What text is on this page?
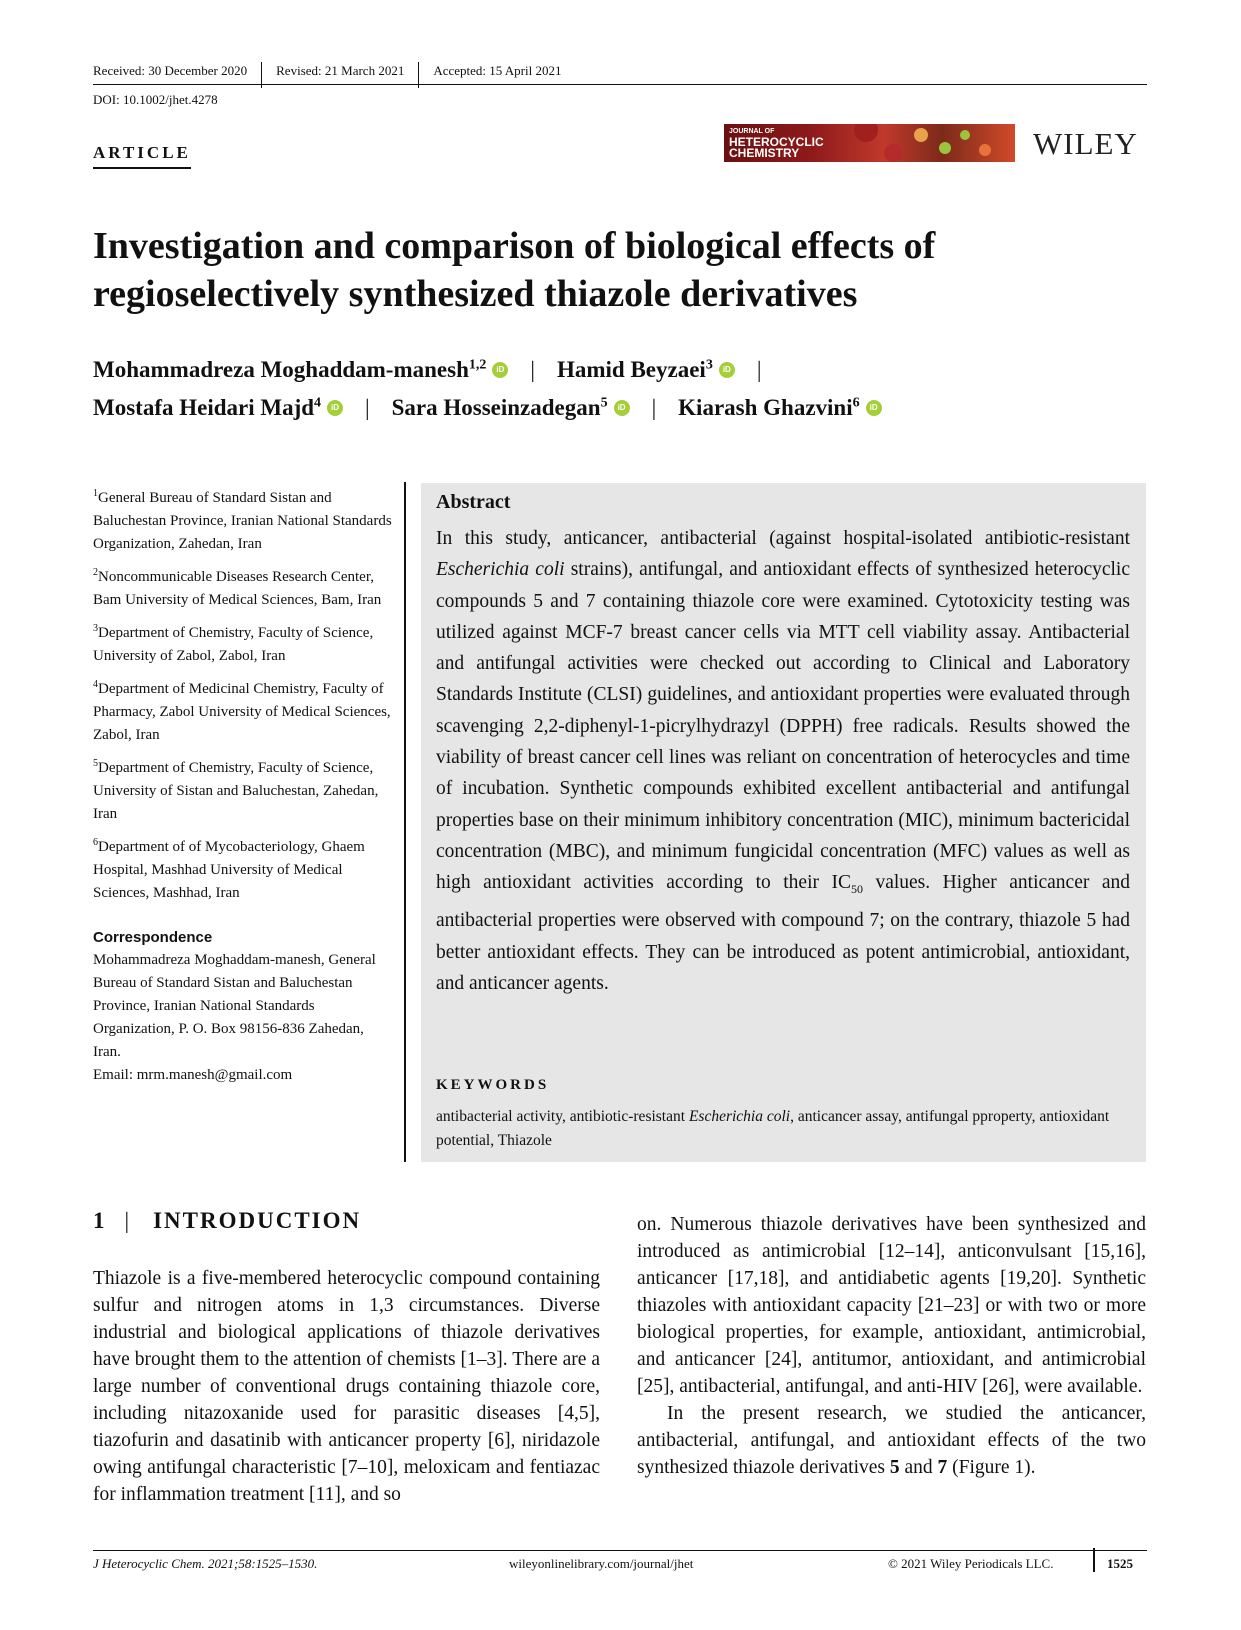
Received: 30 December 2020	Revised: 21 March 2021	Accepted: 15 April 2021
DOI: 10.1002/jhet.4278
ARTICLE
JOURNAL OF
HETEROCYCLIC
CHEMISTRY	WILEY
Investigation and comparison of biological effects of
regioselectively synthesized thiazole derivatives
Mohammadreza Moghaddam-manesh$^{1,2}$	iD | Hamid Beyzaei$^3$	iD |
Mostafa Heidari Majd$^4$	iD | Sara Hosseinzadegan$^5$	iD | Kiarash Ghazvini$^6$	iD

$^1$General Bureau of Standard Sistan and Baluchestan Province, Iranian National Standards Organization, Zahedan, Iran

$^2$Noncommunicable Diseases Research Center, Bam University of Medical Sciences, Bam, Iran

$^3$Department of Chemistry, Faculty of Science, University of Zabol, Zabol, Iran

$^4$Department of Medicinal Chemistry, Faculty of Pharmacy, Zabol University of Medical Sciences, Zabol, Iran

$^5$Department of Chemistry, Faculty of Science, University of Sistan and Baluchestan, Zahedan, Iran

$^6$Department of of Mycobacteriology, Ghaem Hospital, Mashhad University of Medical Sciences, Mashhad, Iran

Correspondence
Mohammadreza Moghaddam-manesh, General Bureau of Standard Sistan and Baluchestan Province, Iranian National Standards Organization, P. O. Box 98156-836 Zahedan, Iran.
Email: mrm.manesh@gmail.com
Abstract
In this study, anticancer, antibacterial (against hospital-isolated antibiotic-resistant Escherichia coli strains), antifungal, and antioxidant effects of synthesized heterocyclic compounds 5 and 7 containing thiazole core were examined. Cytotoxicity testing was utilized against MCF-7 breast cancer cells via MTT cell viability assay. Antibacterial and antifungal activities were checked out according to Clinical and Laboratory Standards Institute (CLSI) guidelines, and antioxidant properties were evaluated through scavenging 2,2-diphenyl-1-picrylhydrazyl (DPPH) free radicals. Results showed the viability of breast cancer cell lines was reliant on concentration of heterocycles and time of incubation. Synthetic compounds exhibited excellent antibacterial and antifungal properties base on their minimum inhibitory concentration (MIC), minimum bactericidal concentration (MBC), and minimum fungicidal concentration (MFC) values as well as high antioxidant activities according to their $IC_{50}$ values. Higher anticancer and antibacterial properties were observed with compound 7; on the contrary, thiazole 5 had better antioxidant effects. They can be introduced as potent antimicrobial, antioxidant, and anticancer agents.
KEYWORDS
antibacterial activity, antibiotic-resistant Escherichia coli, anticancer assay, antifungal pproperty, antioxidant potential, Thiazole
1 | INTRODUCTION

Thiazole is a five-membered heterocyclic compound containing sulfur and nitrogen atoms in 1,3 circumstances. Diverse industrial and biological applications of thiazole derivatives have brought them to the attention of chemists [1–3]. There are a large number of conventional drugs containing thiazole core, including nitazoxanide used for parasitic diseases [4,5], tiazofurin and dasatinib with anticancer property [6], niridazole owing antifungal characteristic [7–10], meloxicam and fentiazac for inflammation treatment [11], and so

on. Numerous thiazole derivatives have been synthesized and introduced as antimicrobial [12–14], anticonvulsant [15,16], anticancer [17,18], and antidiabetic agents [19,20]. Synthetic thiazoles with antioxidant capacity [21–23] or with two or more biological properties, for example, antioxidant, antimicrobial, and anticancer [24], antitumor, antioxidant, and antimicrobial [25], antibacterial, antifungal, and anti-HIV [26], were available.

In the present research, we studied the anticancer, antibacterial, antifungal, and antioxidant effects of the two synthesized thiazole derivatives 5 and 7 (Figure 1).

J Heterocyclic Chem. 2021;58:1525–1530.	wileyonlinelibrary.com/journal/jhet	© 2021 Wiley Periodicals LLC.	1525
